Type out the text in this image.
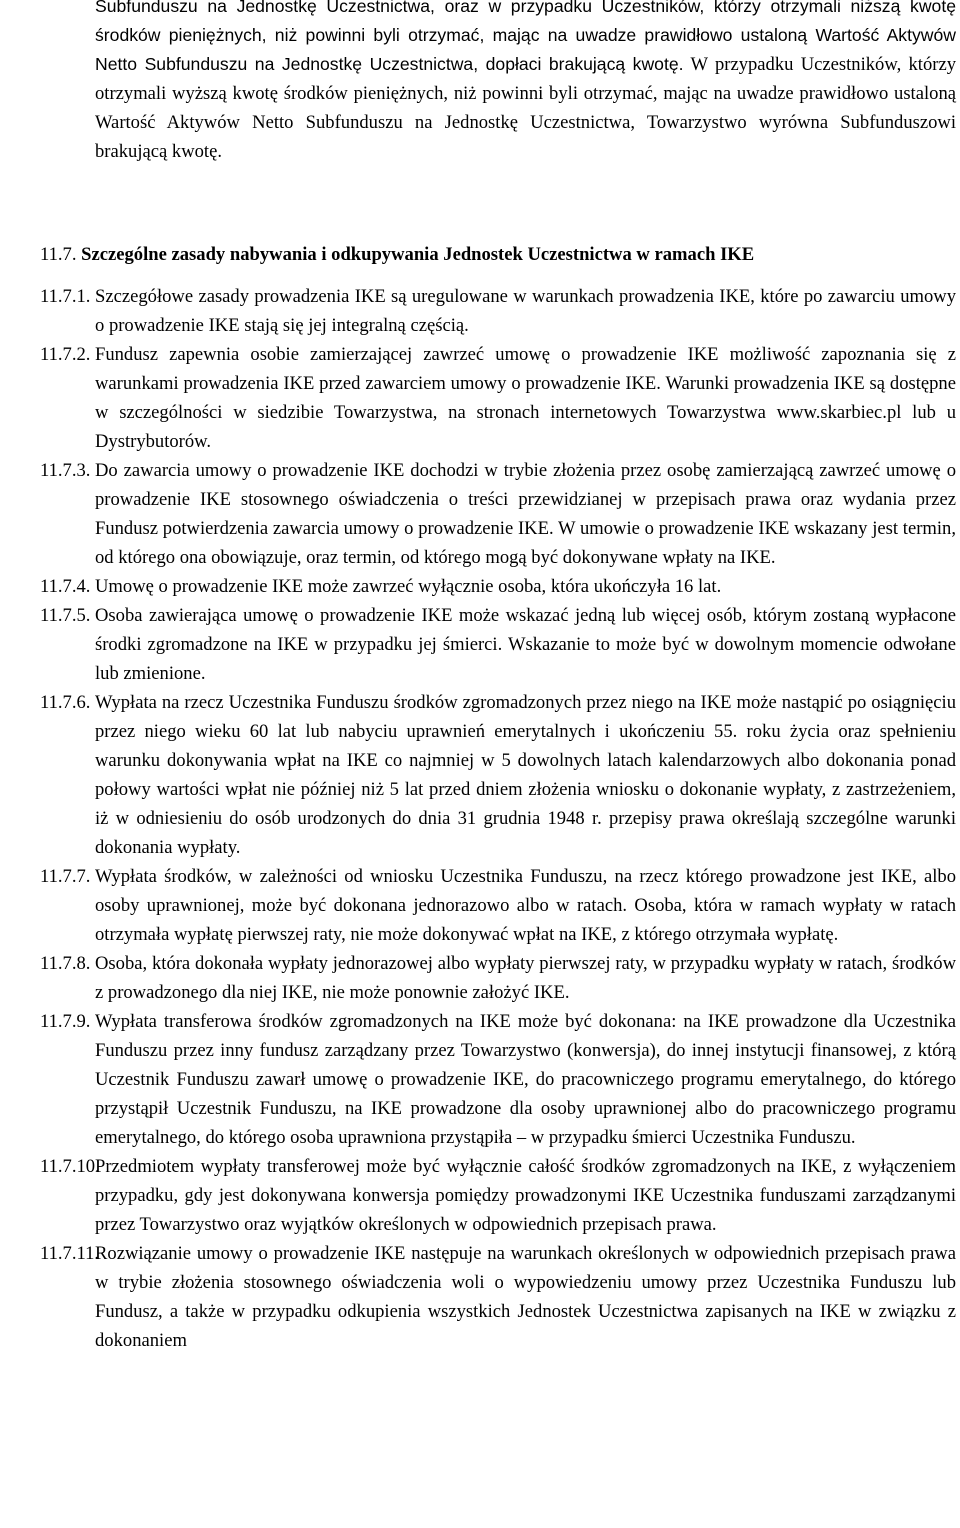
Subfunduszu na Jednostkę Uczestnictwa, oraz w przypadku Uczestników, którzy otrzymali niższą kwotę środków pieniężnych, niż powinni byli otrzymać, mając na uwadze prawidłowo ustaloną Wartość Aktywów Netto Subfunduszu na Jednostkę Uczestnictwa, dopłaci brakującą kwotę. W przypadku Uczestników, którzy otrzymali wyższą kwotę środków pieniężnych, niż powinni byli otrzymać, mając na uwadze prawidłowo ustaloną Wartość Aktywów Netto Subfunduszu na Jednostkę Uczestnictwa, Towarzystwo wyrówna Subfunduszowi brakującą kwotę.

11.7. Szczególne zasady nabywania i odkupywania Jednostek Uczestnictwa w ramach IKE

11.7.1. Szczegółowe zasady prowadzenia IKE są uregulowane w warunkach prowadzenia IKE, które po zawarciu umowy o prowadzenie IKE stają się jej integralną częścią.
11.7.2. Fundusz zapewnia osobie zamierzającej zawrzeć umowę o prowadzenie IKE możliwość zapoznania się z warunkami prowadzenia IKE przed zawarciem umowy o prowadzenie IKE. Warunki prowadzenia IKE są dostępne w szczególności w siedzibie Towarzystwa, na stronach internetowych Towarzystwa www.skarbiec.pl lub u Dystrybutorów.
11.7.3. Do zawarcia umowy o prowadzenie IKE dochodzi w trybie złożenia przez osobę zamierzającą zawrzeć umowę o prowadzenie IKE stosownego oświadczenia o treści przewidzianej w przepisach prawa oraz wydania przez Fundusz potwierdzenia zawarcia umowy o prowadzenie IKE. W umowie o prowadzenie IKE wskazany jest termin, od którego ona obowiązuje, oraz termin, od którego mogą być dokonywane wpłaty na IKE.
11.7.4. Umowę o prowadzenie IKE może zawrzeć wyłącznie osoba, która ukończyła 16 lat.
11.7.5. Osoba zawierająca umowę o prowadzenie IKE może wskazać jedną lub więcej osób, którym zostaną wypłacone środki zgromadzone na IKE w przypadku jej śmierci. Wskazanie to może być w dowolnym momencie odwołane lub zmienione.
11.7.6. Wypłata na rzecz Uczestnika Funduszu środków zgromadzonych przez niego na IKE może nastąpić po osiągnięciu przez niego wieku 60 lat lub nabyciu uprawnień emerytalnych i ukończeniu 55. roku życia oraz spełnieniu warunku dokonywania wpłat na IKE co najmniej w 5 dowolnych latach kalendarzowych albo dokonania ponad połowy wartości wpłat nie później niż 5 lat przed dniem złożenia wniosku o dokonanie wypłaty, z zastrzeżeniem, iż w odniesieniu do osób urodzonych do dnia 31 grudnia 1948 r. przepisy prawa określają szczególne warunki dokonania wypłaty.
11.7.7. Wypłata środków, w zależności od wniosku Uczestnika Funduszu, na rzecz którego prowadzone jest IKE, albo osoby uprawnionej, może być dokonana jednorazowo albo w ratach. Osoba, która w ramach wypłaty w ratach otrzymała wypłatę pierwszej raty, nie może dokonywać wpłat na IKE, z którego otrzymała wypłatę.
11.7.8. Osoba, która dokonała wypłaty jednorazowej albo wypłaty pierwszej raty, w przypadku wypłaty w ratach, środków z prowadzonego dla niej IKE, nie może ponownie założyć IKE.
11.7.9. Wypłata transferowa środków zgromadzonych na IKE może być dokonana: na IKE prowadzone dla Uczestnika Funduszu przez inny fundusz zarządzany przez Towarzystwo (konwersja), do innej instytucji finansowej, z którą Uczestnik Funduszu zawarł umowę o prowadzenie IKE, do pracowniczego programu emerytalnego, do którego przystąpił Uczestnik Funduszu, na IKE prowadzone dla osoby uprawnionej albo do pracowniczego programu emerytalnego, do którego osoba uprawniona przystąpiła – w przypadku śmierci Uczestnika Funduszu.
11.7.10.
Przedmiotem wypłaty transferowej może być wyłącznie całość środków zgromadzonych na IKE, z wyłączeniem przypadku, gdy jest dokonywana konwersja pomiędzy prowadzonymi IKE Uczestnika funduszami zarządzanymi przez Towarzystwo oraz wyjątków określonych w odpowiednich przepisach prawa.
11.7.11.
Rozwiązanie umowy o prowadzenie IKE następuje na warunkach określonych w odpowiednich przepisach prawa w trybie złożenia stosownego oświadczenia woli o wypowiedzeniu umowy przez Uczestnika Funduszu lub Fundusz, a także w przypadku odkupienia wszystkich Jednostek Uczestnictwa zapisanych na IKE w związku z dokonaniem
